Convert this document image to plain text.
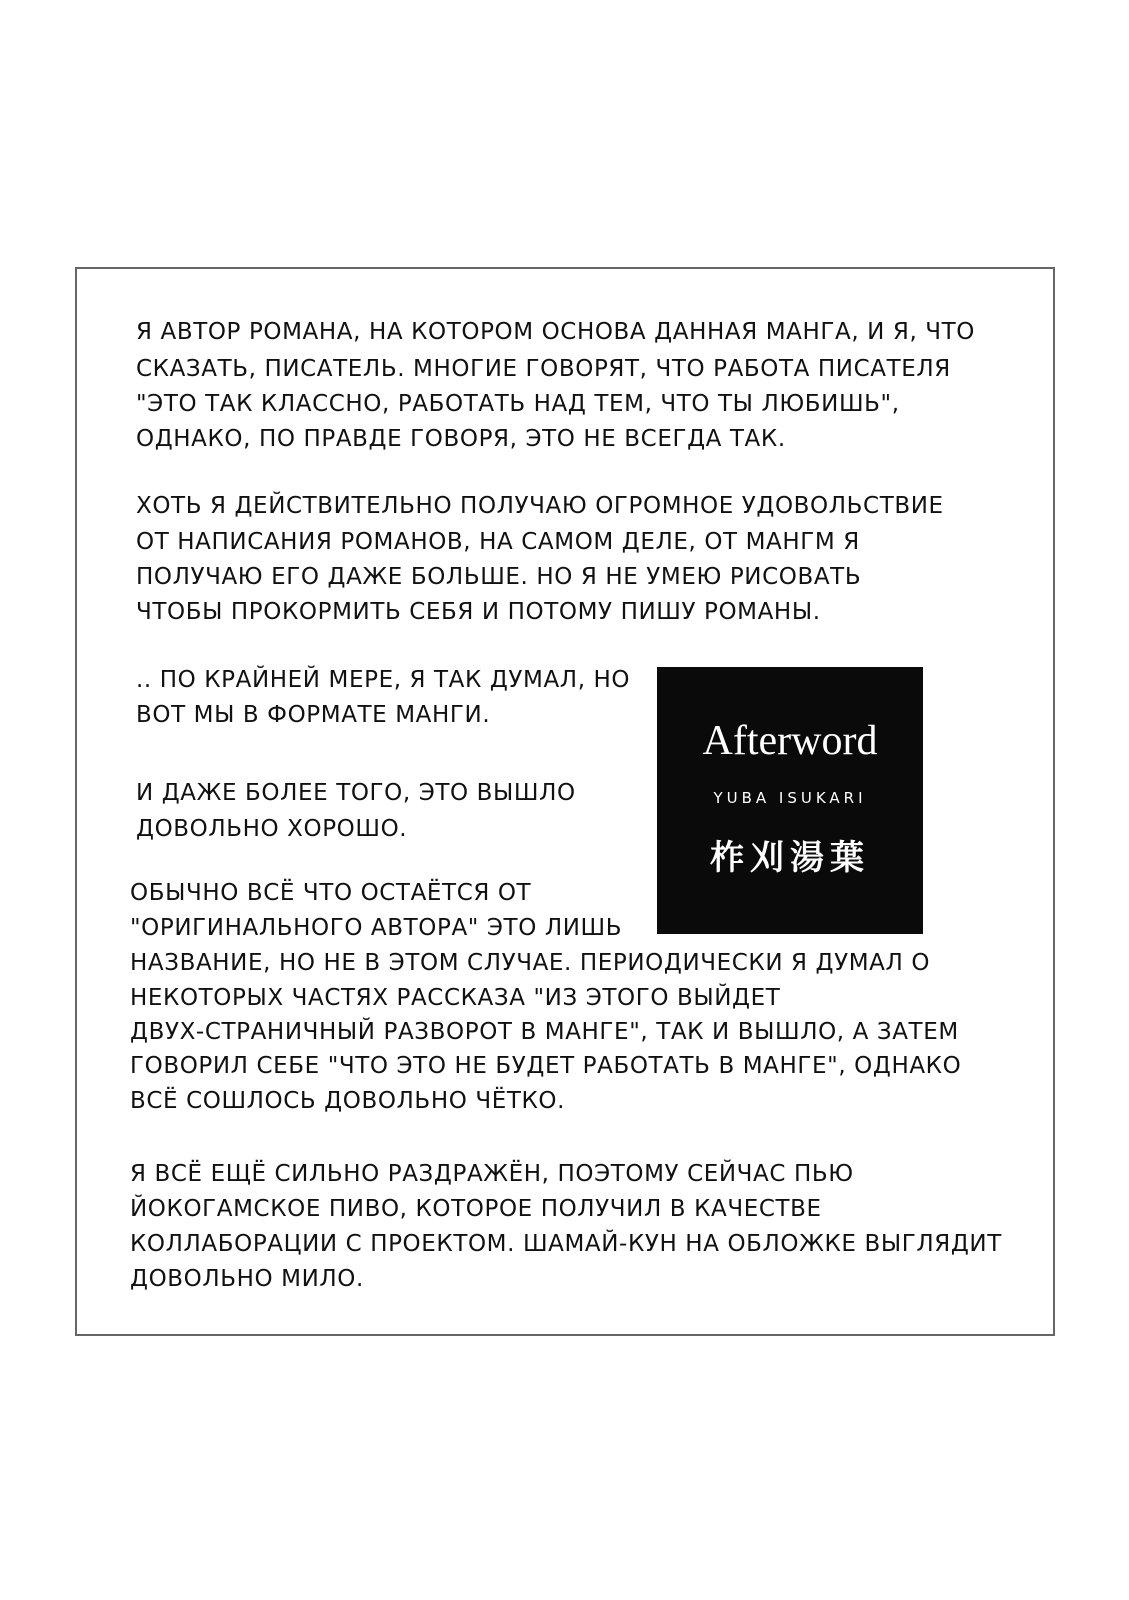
Я АВТОР РОМАНА, НА КОТОРОМ ОСНОВА ДАННАЯ МАНГА, И Я, ЧТО
СКАЗАТЬ, ПИСАТЕЛЬ. МНОГИЕ ГОВОРЯТ, ЧТО РАБОТА ПИСАТЕЛЯ
"ЭТО ТАК КЛАССНО, РАБОТАТЬ НАД ТЕМ, ЧТО ТЫ ЛЮБИШЬ",
ОДНАКО, ПО ПРАВДЕ ГОВОРЯ, ЭТО НЕ ВСЕГДА ТАК.
ХОТЬ Я ДЕЙСТВИТЕЛЬНО ПОЛУЧАЮ ОГРОМНОЕ УДОВОЛЬСТВИЕ
ОТ НАПИСАНИЯ РОМАНОВ, НА САМОМ ДЕЛЕ, ОТ МАНГМ Я
ПОЛУЧАЮ ЕГО ДАЖЕ БОЛЬШЕ. НО Я НЕ УМЕЮ РИСОВАТЬ
ЧТОБЫ ПРОКОРМИТЬ СЕБЯ И ПОТОМУ ПИШУ РОМАНЫ.
.. ПО КРАЙНЕЙ МЕРЕ, Я ТАК ДУМАЛ, НО
ВОТ МЫ В ФОРМАТЕ МАНГИ.
И ДАЖЕ БОЛЕЕ ТОГО, ЭТО ВЫШЛО
ДОВОЛЬНО ХОРОШО.
ОБЫЧНО ВСЁ ЧТО ОСТАЁТСЯ ОТ
"ОРИГИНАЛЬНОГО АВТОРА" ЭТО ЛИШЬ
НАЗВАНИЕ, НО НЕ В ЭТОМ СЛУЧАЕ. ПЕРИОДИЧЕСКИ Я ДУМАЛ О
НЕКОТОРЫХ ЧАСТЯХ РАССКАЗА "ИЗ ЭТОГО ВЫЙДЕТ
ДВУХ-СТРАНИЧНЫЙ РАЗВОРОТ В МАНГЕ", ТАК И ВЫШЛО, А ЗАТЕМ
ГОВОРИЛ СЕБЕ "ЧТО ЭТО НЕ БУДЕТ РАБОТАТЬ В МАНГЕ", ОДНАКО
ВСЁ СОШЛОСЬ ДОВОЛЬНО ЧЁТКО.
Я ВСЁ ЕЩЁ СИЛЬНО РАЗДРАЖЁН, ПОЭТОМУ СЕЙЧАС ПЬЮ
ЙОКОГАМСКОЕ ПИВО, КОТОРОЕ ПОЛУЧИЛ В КАЧЕСТВЕ
КОЛЛАБОРАЦИИ С ПРОЕКТОМ. ШАМАЙ-КУН НА ОБЛОЖКЕ ВЫГЛЯДИТ
ДОВОЛЬНО МИЛО.
Afterword
YUBA ISUKARI
柞刈湯葉
